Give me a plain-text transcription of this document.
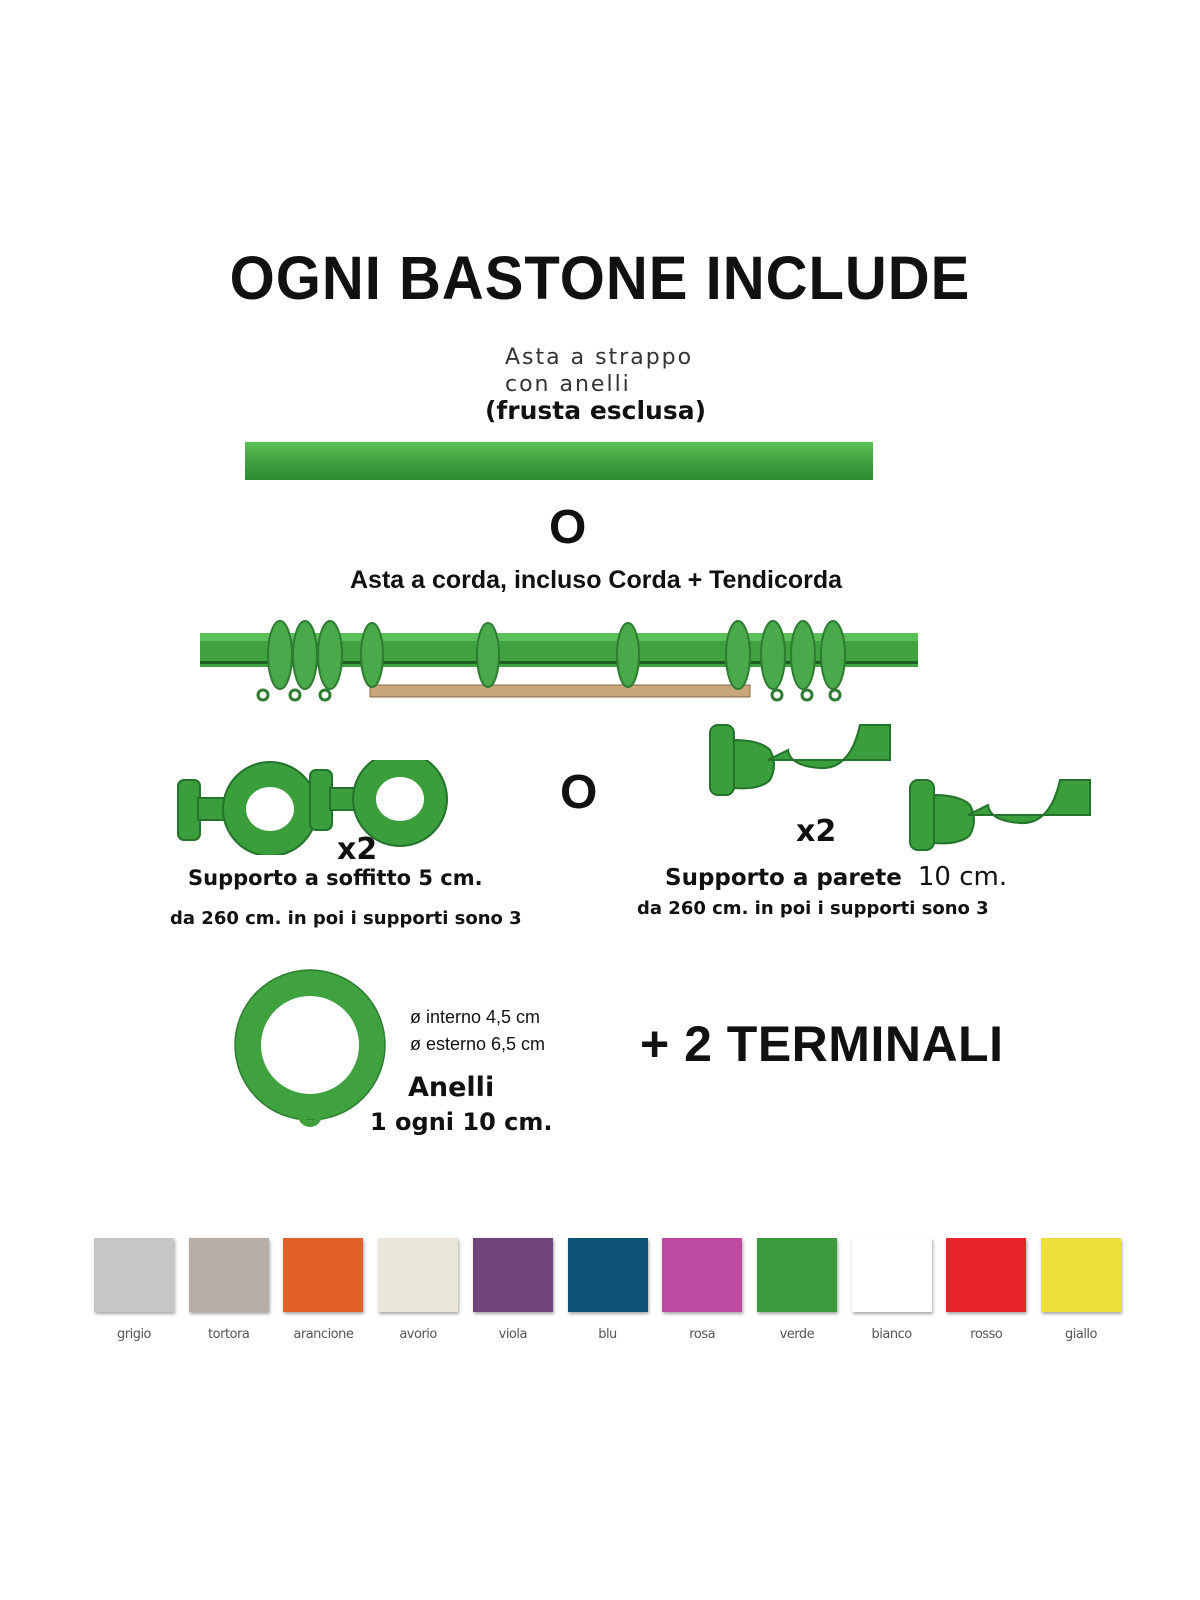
OGNI BASTONE INCLUDE
Asta a strappo
con anelli
(frusta esclusa)
O
Asta a corda, incluso Corda + Tendicorda
x2
Supporto a soffitto 5 cm.
da 260 cm. in poi i supporti sono 3
O
x2
Supporto a parete 10 cm.
da 260 cm. in poi i supporti sono 3
ø interno 4,5 cm
ø esterno 6,5 cm
Anelli
1 ogni 10 cm.
+ 2 TERMINALI
grigio	tortora	arancione	avorio	viola	blu	rosa	verde	bianco	rosso	giallo
